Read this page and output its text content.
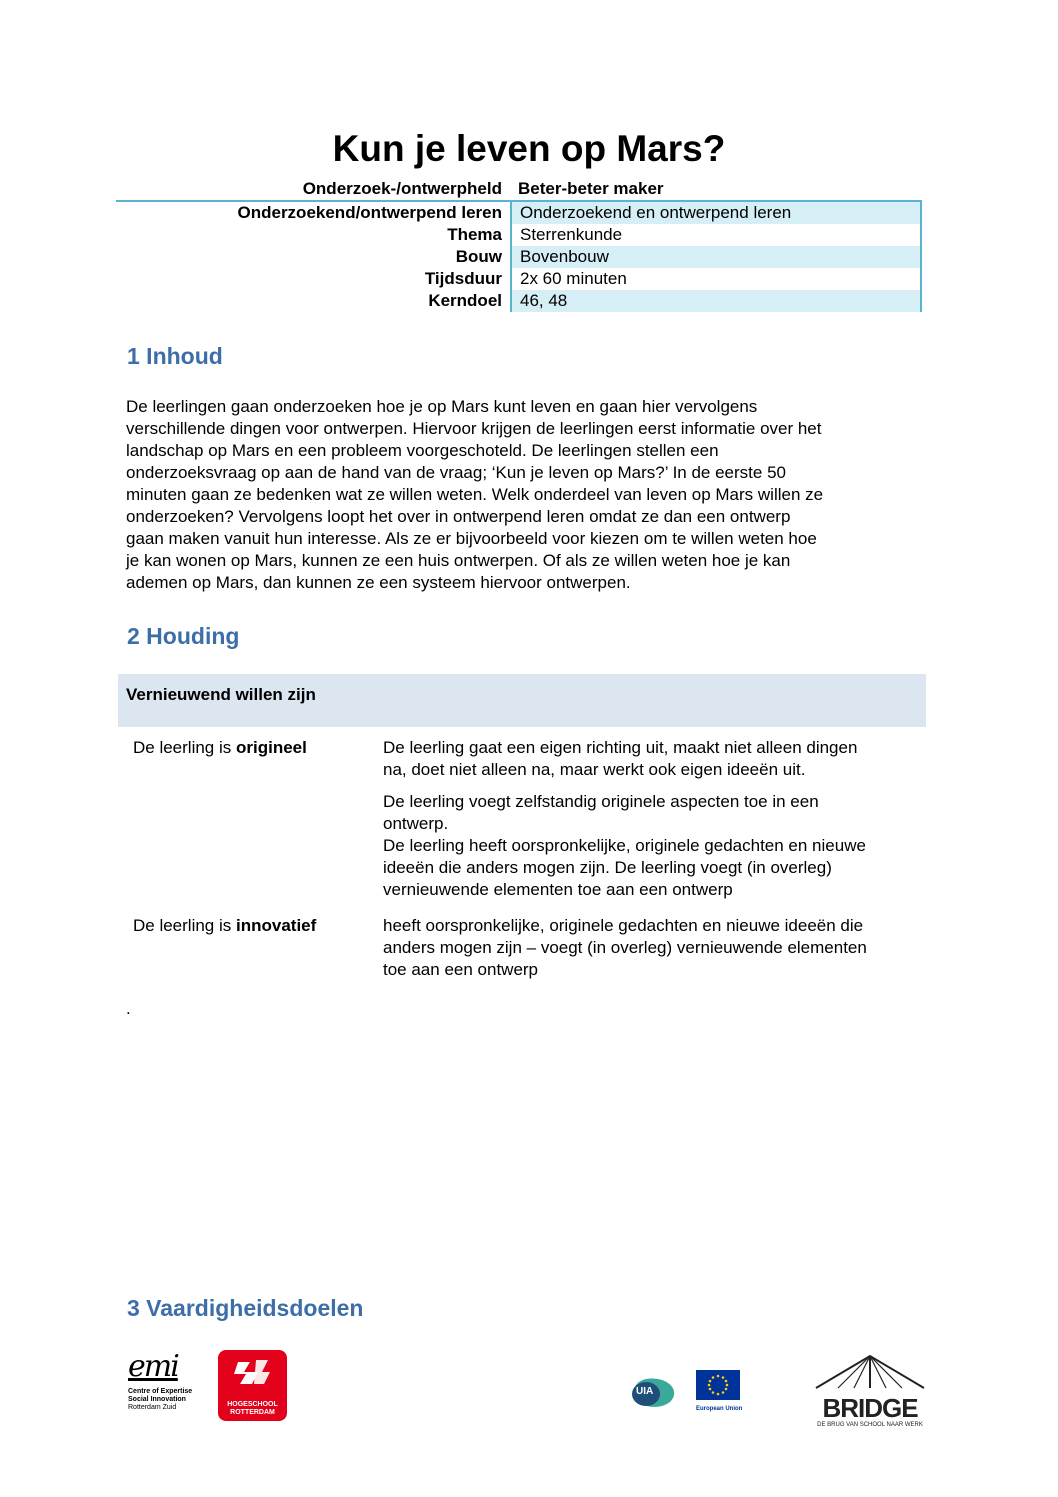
Kun je leven op Mars?
Onderzoek-/ontwerpheld Beter-beter maker
Onderzoekend/ontwerpend leren	Onderzoekend en ontwerpend leren
Thema	Sterrenkunde
Bouw	Bovenbouw
Tijdsduur	2x 60 minuten
Kerndoel	46, 48
1 Inhoud
De leerlingen gaan onderzoeken hoe je op Mars kunt leven en gaan hier vervolgens
verschillende dingen voor ontwerpen. Hiervoor krijgen de leerlingen eerst informatie over het
landschap op Mars en een probleem voorgeschoteld. De leerlingen stellen een
onderzoeksvraag op aan de hand van de vraag; ‘Kun je leven op Mars?’ In de eerste 50
minuten gaan ze bedenken wat ze willen weten. Welk onderdeel van leven op Mars willen ze
onderzoeken? Vervolgens loopt het over in ontwerpend leren omdat ze dan een ontwerp
gaan maken vanuit hun interesse. Als ze er bijvoorbeeld voor kiezen om te willen weten hoe
je kan wonen op Mars, kunnen ze een huis ontwerpen. Of als ze willen weten hoe je kan
ademen op Mars, dan kunnen ze een systeem hiervoor ontwerpen.
2 Houding
Vernieuwend willen zijn
De leerling is origineel	De leerling gaat een eigen richting uit, maakt niet alleen dingen
na, doet niet alleen na, maar werkt ook eigen ideeën uit.
De leerling voegt zelfstandig originele aspecten toe in een
ontwerp.
De leerling heeft oorspronkelijke, originele gedachten en nieuwe
ideeën die anders mogen zijn. De leerling voegt (in overleg)
vernieuwende elementen toe aan een ontwerp
De leerling is innovatief	heeft oorspronkelijke, originele gedachten en nieuwe ideeën die
anders mogen zijn – voegt (in overleg) vernieuwende elementen
toe aan een ontwerp
.
3 Vaardigheidsdoelen
emi
Centre of Expertise
Social Innovation
Rotterdam Zuid	HOGESCHOOL
ROTTERDAM
UIA
European Union	BRIDGE
DE BRUG VAN SCHOOL NAAR WERK
